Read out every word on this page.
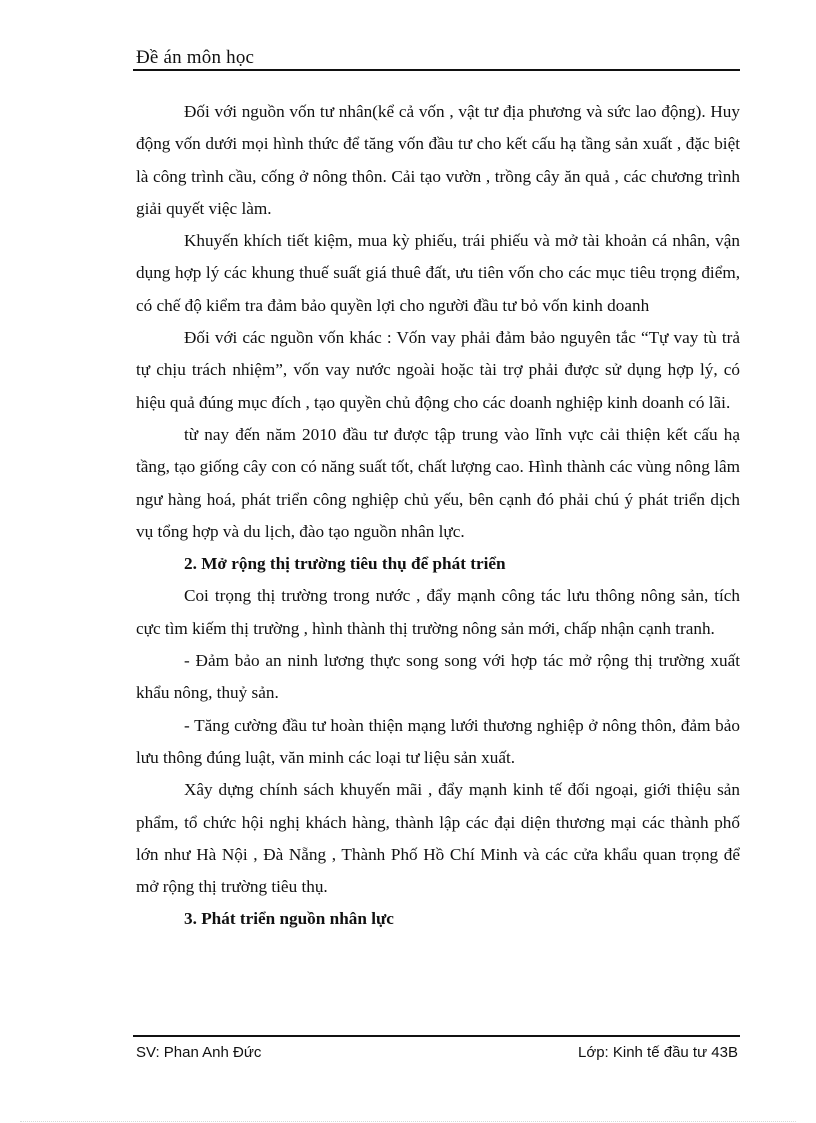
Đề án môn học

Đối với nguồn vốn tư nhân(kể cả vốn , vật tư địa phương và sức lao động). Huy động vốn dưới mọi hình thức để tăng vốn đầu tư cho kết cấu hạ tầng sản xuất , đặc biệt là công trình cầu, cống ở nông thôn. Cải tạo vườn , trồng cây ăn quả , các chương trình giải quyết việc làm.

Khuyến khích tiết kiệm, mua kỳ phiếu, trái phiếu và mở tài khoản cá nhân, vận dụng hợp lý các khung thuế suất giá thuê đất, ưu tiên vốn cho các mục tiêu trọng điểm, có chế độ kiểm tra đảm bảo quyền lợi cho người đầu tư bỏ vốn kinh doanh

Đối với các nguồn vốn khác : Vốn vay phải đảm bảo nguyên tắc “Tự vay tù trả tự chịu trách nhiệm”, vốn vay nước ngoài hoặc tài trợ phải được sử dụng hợp lý, có hiệu quả đúng mục đích , tạo quyền chủ động cho các doanh nghiệp kinh doanh có lãi.

từ nay đến năm 2010 đầu tư được tập trung vào lĩnh vực cải thiện kết cấu hạ tầng, tạo giống cây con có năng suất tốt, chất lượng cao. Hình thành các vùng nông lâm ngư hàng hoá, phát triển công nghiệp chủ yếu, bên cạnh đó phải chú ý phát triển dịch vụ tổng hợp và du lịch, đào tạo nguồn nhân lực.

2. Mở rộng thị trường tiêu thụ để phát triển

Coi trọng thị trường trong nước , đẩy mạnh công tác lưu thông nông sản, tích cực tìm kiếm thị trường , hình thành thị trường nông sản mới, chấp nhận cạnh tranh.

- Đảm bảo an ninh lương thực song song với hợp tác mở rộng thị trường xuất khẩu nông, thuỷ sản.

- Tăng cường đầu tư hoàn thiện mạng lưới thương nghiệp ở nông thôn, đảm bảo lưu thông đúng luật, văn minh các loại tư liệu sản xuất.

Xây dựng chính sách khuyến mãi , đẩy mạnh kinh tế đối ngoại, giới thiệu sản phẩm, tổ chức hội nghị khách hàng, thành lập các đại diện thương mại các thành phố lớn như Hà Nội , Đà Nẵng , Thành Phố Hồ Chí Minh và các cửa khẩu quan trọng để mở rộng thị trường tiêu thụ.

3. Phát triển nguồn nhân lực

SV: Phan Anh Đức	Lớp: Kinh tế đầu tư 43B
